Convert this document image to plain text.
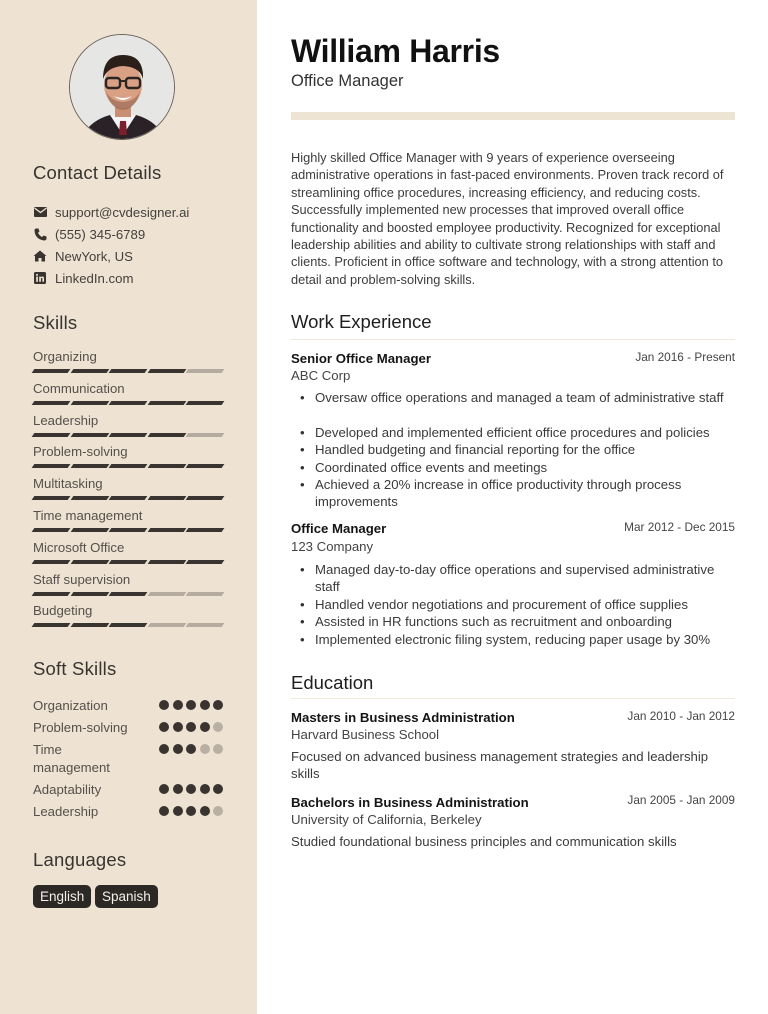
Contact Details
support@cvdesigner.ai
(555) 345-6789
NewYork, US
LinkedIn.com
Skills
Organizing
Communication
Leadership
Problem-solving
Multitasking
Time management
Microsoft Office
Staff supervision
Budgeting
Soft Skills
Organization
Problem-solving
Time management
Adaptability
Leadership
Languages
English	Spanish
William Harris
Office Manager

Highly skilled Office Manager with 9 years of experience overseeing administrative operations in fast-paced environments. Proven track record of streamlining office procedures, increasing efficiency, and reducing costs. Successfully implemented new processes that improved overall office functionality and boosted employee productivity. Recognized for exceptional leadership abilities and ability to cultivate strong relationships with staff and clients. Proficient in office software and technology, with a strong attention to detail and problem-solving skills.

Work Experience
Senior Office Manager	Jan 2016 - Present
ABC Corp
• Oversaw office operations and managed a team of administrative staff
• Developed and implemented efficient office procedures and policies
• Handled budgeting and financial reporting for the office
• Coordinated office events and meetings
• Achieved a 20% increase in office productivity through process improvements
Office Manager	Mar 2012 - Dec 2015
123 Company
• Managed day-to-day office operations and supervised administrative staff
• Handled vendor negotiations and procurement of office supplies
• Assisted in HR functions such as recruitment and onboarding
• Implemented electronic filing system, reducing paper usage by 30%
Education
Masters in Business Administration	Jan 2010 - Jan 2012
Harvard Business School
Focused on advanced business management strategies and leadership skills
Bachelors in Business Administration	Jan 2005 - Jan 2009
University of California, Berkeley
Studied foundational business principles and communication skills
